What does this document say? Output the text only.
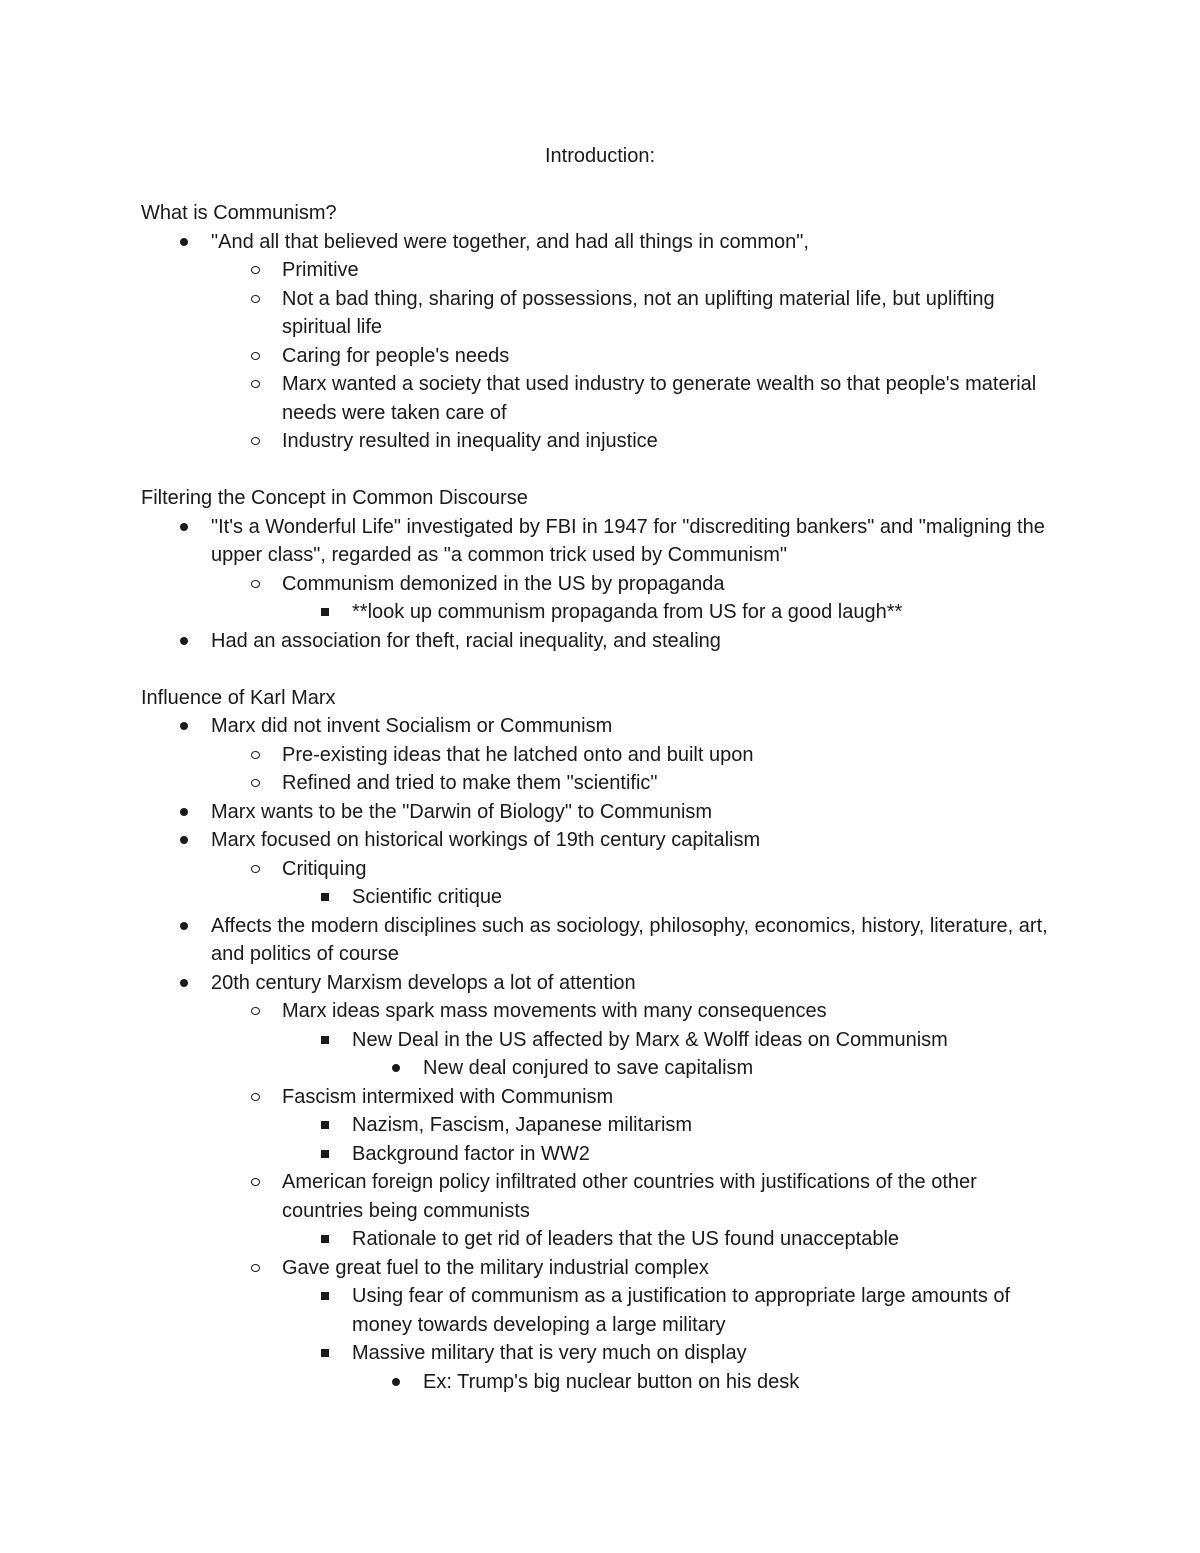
Introduction:
What is Communism?
"And all that believed were together, and had all things in common",
Primitive
Not a bad thing, sharing of possessions, not an uplifting material life, but uplifting spiritual life
Caring for people's needs
Marx wanted a society that used industry to generate wealth so that people's material needs were taken care of
Industry resulted in inequality and injustice
Filtering the Concept in Common Discourse
"It's a Wonderful Life" investigated by FBI in 1947 for "discrediting bankers" and "maligning the upper class", regarded as "a common trick used by Communism"
Communism demonized in the US by propaganda
**look up communism propaganda from US for a good laugh**
Had an association for theft, racial inequality, and stealing
Influence of Karl Marx
Marx did not invent Socialism or Communism
Pre-existing ideas that he latched onto and built upon
Refined and tried to make them "scientific"
Marx wants to be the "Darwin of Biology" to Communism
Marx focused on historical workings of 19th century capitalism
Critiquing
Scientific critique
Affects the modern disciplines such as sociology, philosophy, economics, history, literature, art, and politics of course
20th century Marxism develops a lot of attention
Marx ideas spark mass movements with many consequences
New Deal in the US affected by Marx & Wolff ideas on Communism
New deal conjured to save capitalism
Fascism intermixed with Communism
Nazism, Fascism, Japanese militarism
Background factor in WW2
American foreign policy infiltrated other countries with justifications of the other countries being communists
Rationale to get rid of leaders that the US found unacceptable
Gave great fuel to the military industrial complex
Using fear of communism as a justification to appropriate large amounts of money towards developing a large military
Massive military that is very much on display
Ex: Trump's big nuclear button on his desk
